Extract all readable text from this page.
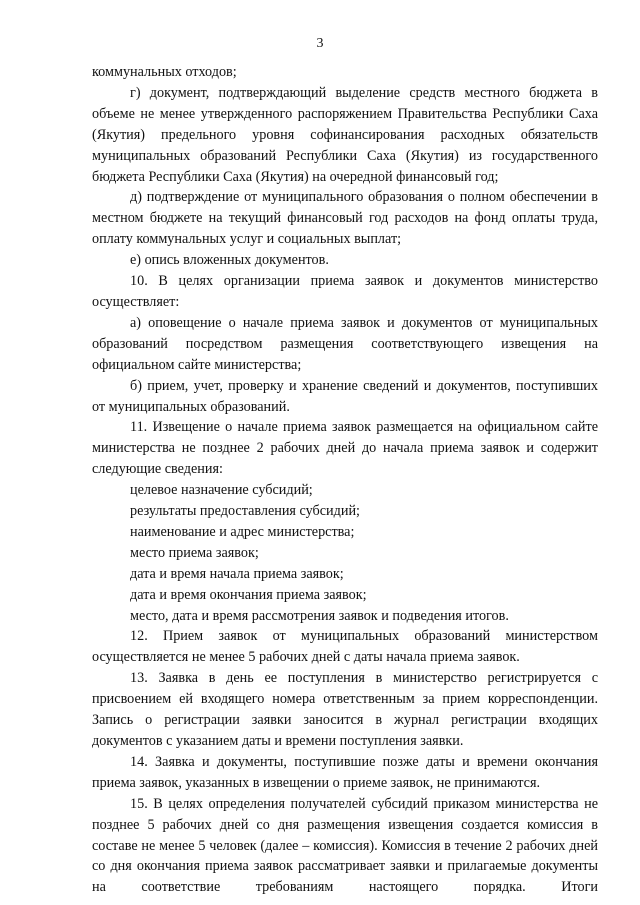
3

коммунальных отходов;

г) документ, подтверждающий выделение средств местного бюджета в объеме не менее утвержденного распоряжением Правительства Республики Саха (Якутия) предельного уровня софинансирования расходных обязательств муниципальных образований Республики Саха (Якутия) из государственного бюджета Республики Саха (Якутия) на очередной финансовый год;

д) подтверждение от муниципального образования о полном обеспечении в местном бюджете на текущий финансовый год расходов на фонд оплаты труда, оплату коммунальных услуг и социальных выплат;

е) опись вложенных документов.

10. В целях организации приема заявок и документов министерство осуществляет:

а) оповещение о начале приема заявок и документов от муниципальных образований посредством размещения соответствующего извещения на официальном сайте министерства;

б) прием, учет, проверку и хранение сведений и документов, поступивших от муниципальных образований.

11. Извещение о начале приема заявок размещается на официальном сайте министерства не позднее 2 рабочих дней до начала приема заявок и содержит следующие сведения:

целевое назначение субсидий;

результаты предоставления субсидий;

наименование и адрес министерства;

место приема заявок;

дата и время начала приема заявок;

дата и время окончания приема заявок;

место, дата и время рассмотрения заявок и подведения итогов.

12. Прием заявок от муниципальных образований министерством осуществляется не менее 5 рабочих дней с даты начала приема заявок.

13. Заявка в день ее поступления в министерство регистрируется с присвоением ей входящего номера ответственным за прием корреспонденции. Запись о регистрации заявки заносится в журнал регистрации входящих документов с указанием даты и времени поступления заявки.

14. Заявка и документы, поступившие позже даты и времени окончания приема заявок, указанных в извещении о приеме заявок, не принимаются.

15. В целях определения получателей субсидий приказом министерства не позднее 5 рабочих дней со дня размещения извещения создается комиссия в составе не менее 5 человек (далее – комиссия). Комиссия в течение 2 рабочих дней со дня окончания приема заявок рассматривает заявки и прилагаемые документы на соответствие требованиям настоящего порядка. Итоги
